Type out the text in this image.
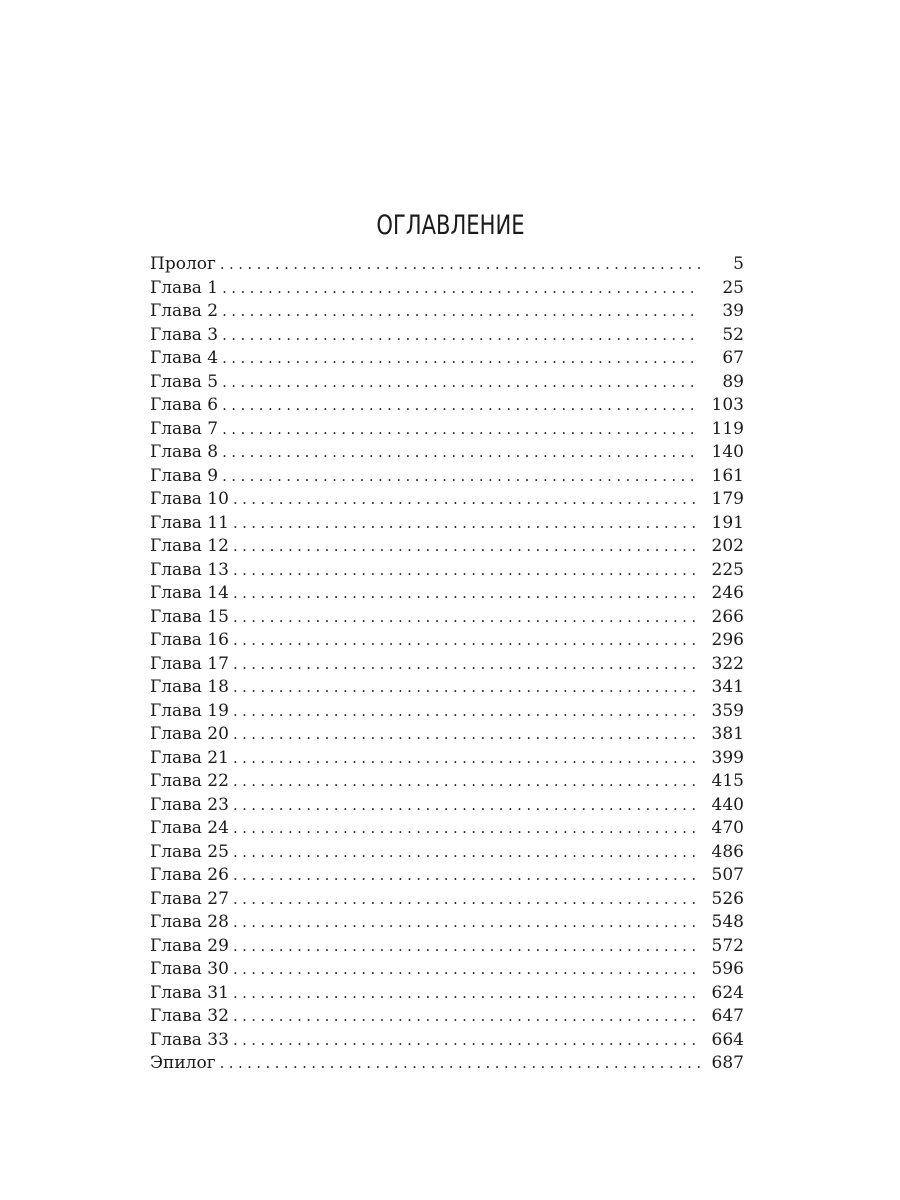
ОГЛАВЛЕНИЕ
Пролог .....	5
Глава 1 .....	25
Глава 2 .....	39
Глава 3 .....	52
Глава 4 .....	67
Глава 5 .....	89
Глава 6 .....	103
Глава 7 .....	119
Глава 8 .....	140
Глава 9 .....	161
Глава 10 .....	179
Глава 11 .....	191
Глава 12 .....	202
Глава 13 .....	225
Глава 14 .....	246
Глава 15 .....	266
Глава 16 .....	296
Глава 17 .....	322
Глава 18 .....	341
Глава 19 .....	359
Глава 20 .....	381
Глава 21 .....	399
Глава 22 .....	415
Глава 23 .....	440
Глава 24 .....	470
Глава 25 .....	486
Глава 26 .....	507
Глава 27 .....	526
Глава 28 .....	548
Глава 29 .....	572
Глава 30 .....	596
Глава 31 .....	624
Глава 32 .....	647
Глава 33 .....	664
Эпилог .....	687
